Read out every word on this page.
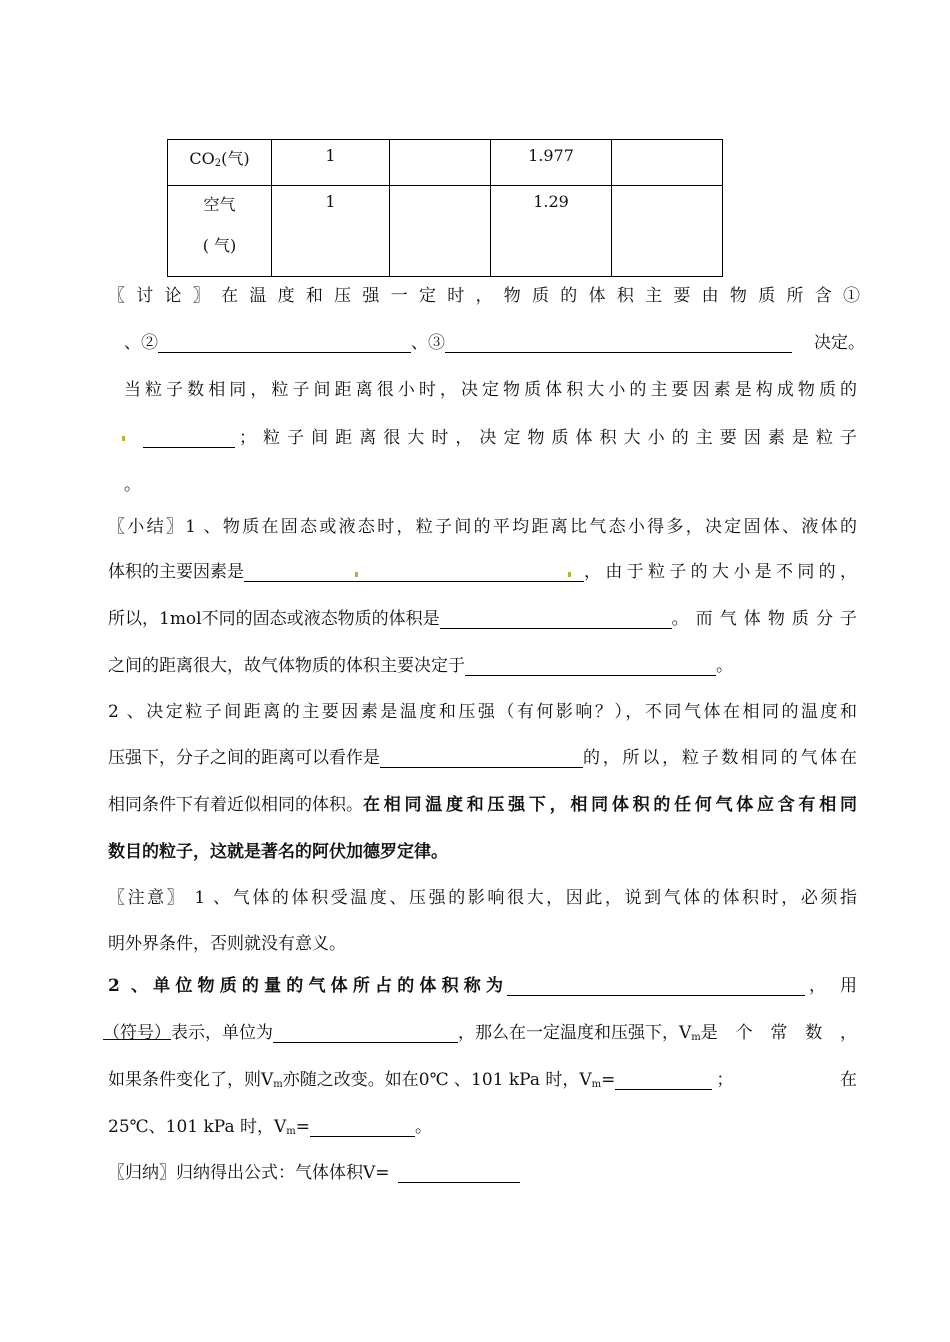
$CO_2$(气)	1		1.977	

空气
( 气)	1		1.29	

〖讨论〗在温度和压强一定时，物质的体积主要由物质所含①
、②	、③	决定。
当粒子数相同，粒子间距离很小时，决定物质体积大小的主要因素是构成物质的
；粒子间距离很大时，决定物质体积大小的主要因素是粒子
。
〖小结〗1 、物质在固态或液态时，粒子间的平均距离比气态小得多，决定固体、液体的
体积的主要因素是	，由于粒子的大小是不同的，
所以，1mol不同的固态或液态物质的体积是	。而气体物质分子
之间的距离很大，故气体物质的体积主要决定于	。
2 、决定粒子间距离的主要因素是温度和压强（有何影响？），不同气体在相同的温度和
压强下，分子之间的距离可以看作是	的，所以，粒子数相同的气体在
相同条件下有着近似相同的体积。 在相同温度和压强下，相同体积的任何气体应含有相同
数目的粒子，这就是著名的阿伏加德罗定律。
〖注意〗 1 、气体的体积受温度、压强的影响很大，因此，说到气体的体积时，必须指
明外界条件，否则就没有意义。
2 、单位物质的量的气体所占的体积称为	，用
（符号） 表示，单位为	，那么在一定温度和压强下，$V_m$ 是个常数，
如果条件变化了，则$V_m$ 亦随之改变。如在0℃ 、101 kPa 时，$V_m$ =	；在
25℃、101 kPa 时，$V_m=$	。
〖归纳〗归纳得出公式：气体体积V=
